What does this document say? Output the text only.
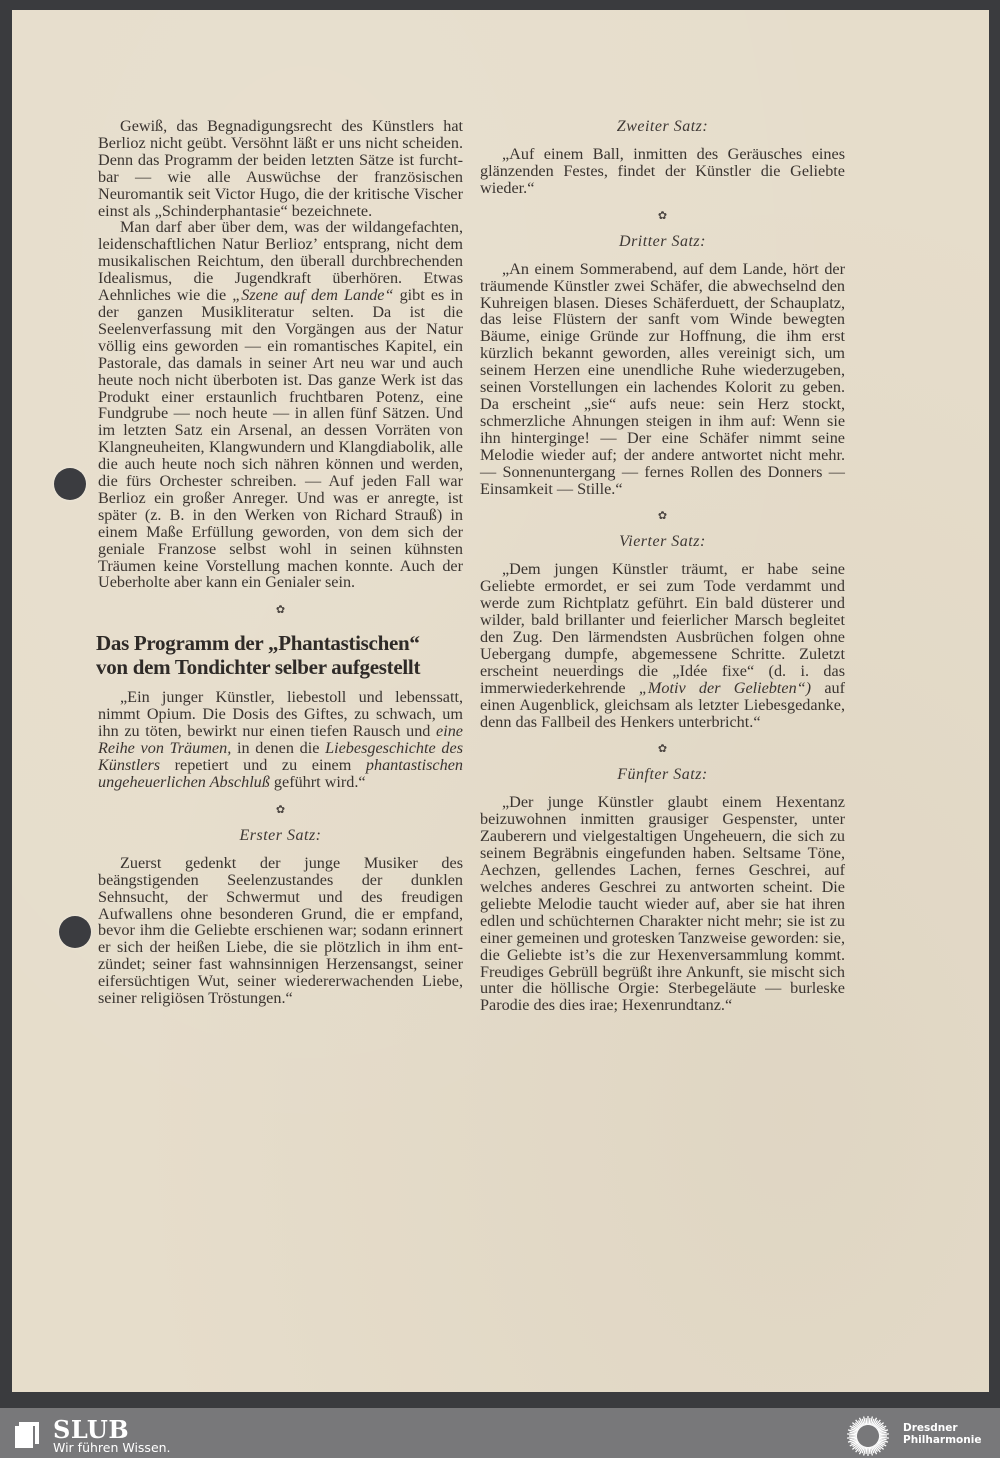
Gewiß, das Begnadigungsrecht des Künstlers hat Berlioz nicht geübt. Versöhnt läßt er uns nicht scheiden. Denn das Programm der beiden letzten Sätze ist furchtbar — wie alle Auswüchse der französischen Neuromantik seit Victor Hugo, die der kritische Vischer einst als „Schinderphantasie“ bezeichnete.

Man darf aber über dem, was der wildangefachten, leidenschaftlichen Natur Berlioz’ entsprang, nicht dem musikalischen Reichtum, den überall durchbrechenden Idealismus, die Jugendkraft überhören. Etwas Aehnliches wie die „Szene auf dem Lande“ gibt es in der ganzen Musikliteratur selten. Da ist die Seelenverfassung mit den Vorgängen aus der Natur völlig eins geworden — ein romantisches Kapitel, ein Pastorale, das damals in seiner Art neu war und auch heute noch nicht überboten ist. Das ganze Werk ist das Produkt einer erstaunlich fruchtbaren Potenz, eine Fundgrube — noch heute — in allen fünf Sätzen. Und im letzten Satz ein Arsenal, an dessen Vorräten von Klangneuheiten, Klangwundern und Klangdiabolik, alle die auch heute noch sich nähren können und werden, die fürs Orchester schreiben. — Auf jeden Fall war Berlioz ein großer Anreger. Und was er anregte, ist später (z. B. in den Werken von Richard Strauß) in einem Maße Erfüllung geworden, von dem sich der geniale Franzose selbst wohl in seinen kühnsten Träumen keine Vorstellung machen konnte. Auch der Ueberholte aber kann ein Genialer sein.

✿
Das Programm der „Phantastischen“
von dem Tondichter selber aufgestellt

„Ein junger Künstler, liebestoll und lebenssatt, nimmt Opium. Die Dosis des Giftes, zu schwach, um ihn zu töten, bewirkt nur einen tiefen Rausch und eine Reihe von Träumen, in denen die Liebesgeschichte des Künstlers repetiert und zu einem phantastischen ungeheuerlichen Abschluß geführt wird.“

✿
Erster Satz:

Zuerst gedenkt der junge Musiker des beängstigenden Seelenzustandes der dunklen Sehnsucht, der Schwermut und des freudigen Aufwallens ohne besonderen Grund, die er empfand, bevor ihm die Geliebte erschienen war; sodann erinnert er sich der heißen Liebe, die sie plötzlich in ihm entzündet; seiner fast wahnsinnigen Herzensangst, seiner eifersüchtigen Wut, seiner wiedererwachenden Liebe, seiner religiösen Tröstungen.“

Zweiter Satz:

„Auf einem Ball, inmitten des Geräusches eines glänzenden Festes, findet der Künstler die Geliebte wieder.“

✿
Dritter Satz:

„An einem Sommerabend, auf dem Lande, hört der träumende Künstler zwei Schäfer, die abwechselnd den Kuhreigen blasen. Dieses Schäferduett, der Schauplatz, das leise Flüstern der sanft vom Winde bewegten Bäume, einige Gründe zur Hoffnung, die ihm erst kürzlich bekannt geworden, alles vereinigt sich, um seinem Herzen eine unendliche Ruhe wiederzugeben, seinen Vorstellungen ein lachendes Kolorit zu geben. Da erscheint „sie“ aufs neue: sein Herz stockt, schmerzliche Ahnungen steigen in ihm auf: Wenn sie ihn hinterginge! — Der eine Schäfer nimmt seine Melodie wieder auf; der andere antwortet nicht mehr. — Sonnenuntergang — fernes Rollen des Donners — Einsamkeit — Stille.“

✿
Vierter Satz:

„Dem jungen Künstler träumt, er habe seine Geliebte ermordet, er sei zum Tode verdammt und werde zum Richtplatz geführt. Ein bald düsterer und wilder, bald brillanter und feierlicher Marsch begleitet den Zug. Den lärmendsten Ausbrüchen folgen ohne Uebergang dumpfe, abgemessene Schritte. Zuletzt erscheint neuerdings die „Idée fixe“ (d. i. das immerwiederkehrende „Motiv der Geliebten“) auf einen Augenblick, gleichsam als letzter Liebesgedanke, denn das Fallbeil des Henkers unterbricht.“

✿
Fünfter Satz:

„Der junge Künstler glaubt einem Hexentanz beizuwohnen inmitten grausiger Gespenster, unter Zauberern und vielgestaltigen Ungeheuern, die sich zu seinem Begräbnis eingefunden haben. Seltsame Töne, Aechzen, gellendes Lachen, fernes Geschrei, auf welches anderes Geschrei zu antworten scheint. Die geliebte Melodie taucht wieder auf, aber sie hat ihren edlen und schüchternen Charakter nicht mehr; sie ist zu einer gemeinen und grotesken Tanzweise geworden: sie, die Geliebte ist’s die zur Hexenversammlung kommt. Freudiges Gebrüll begrüßt ihre Ankunft, sie mischt sich unter die höllische Orgie: Sterbegeläute — burleske Parodie des dies irae; Hexenrundtanz.“

SLUB
Wir führen Wissen.
Dresdner
Philharmonie
